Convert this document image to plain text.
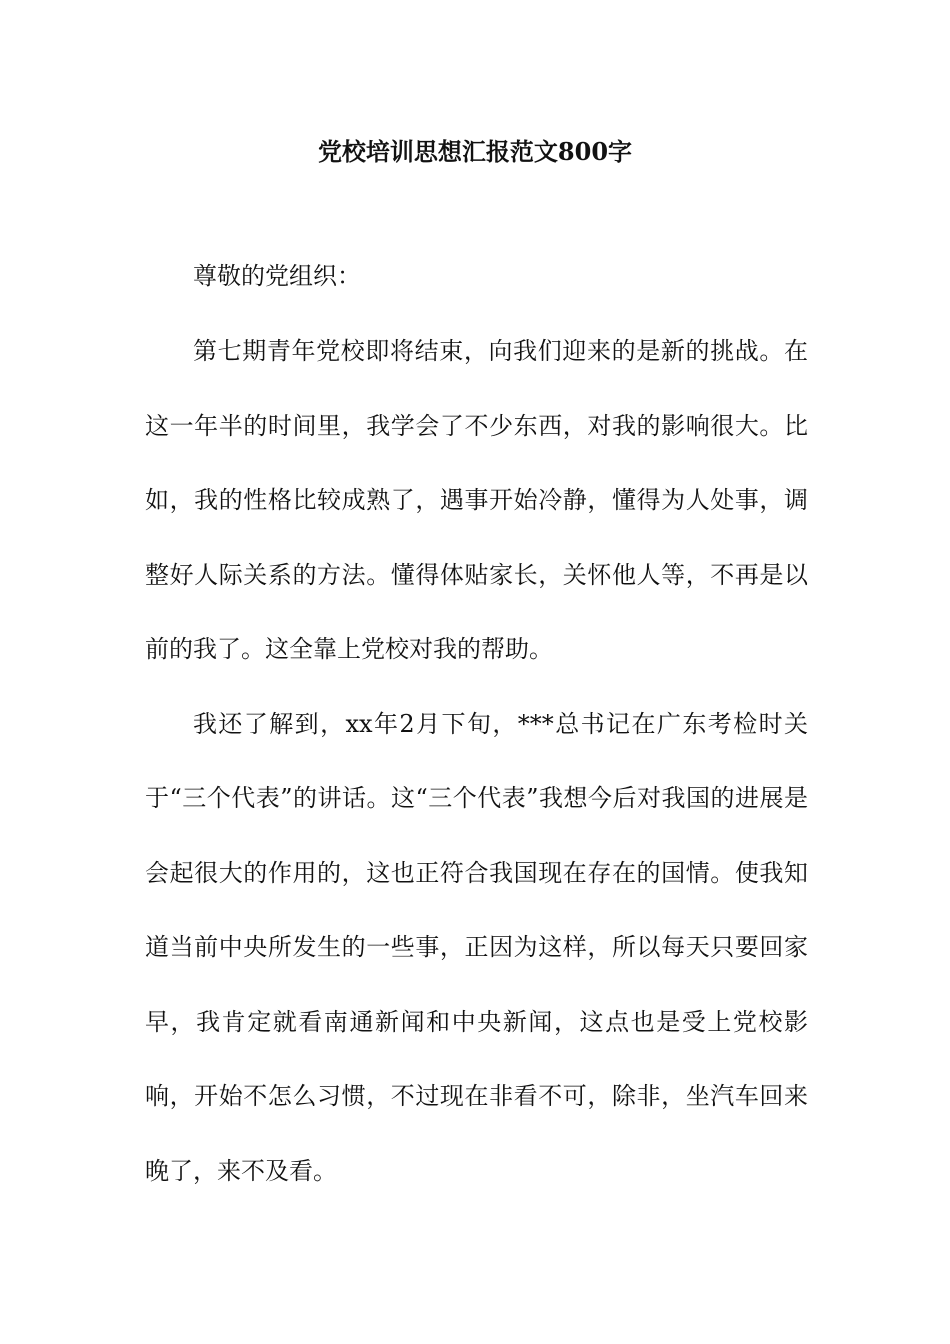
党校培训思想汇报范文800字
尊敬的党组织：

第七期青年党校即将结束，向我们迎来的是新的挑战。在这一年半的时间里，我学会了不少东西，对我的影响很大。比如，我的性格比较成熟了，遇事开始冷静，懂得为人处事，调整好人际关系的方法。懂得体贴家长，关怀他人等，不再是以前的我了。这全靠上党校对我的帮助。

我还了解到，xx年2月下旬，***总书记在广东考检时关于“三个代表”的讲话。这“三个代表”我想今后对我国的进展是会起很大的作用的，这也正符合我国现在存在的国情。使我知道当前中央所发生的一些事，正因为这样，所以每天只要回家早，我肯定就看南通新闻和中央新闻，这点也是受上党校影响，开始不怎么习惯，不过现在非看不可，除非，坐汽车回来晚了，来不及看。
